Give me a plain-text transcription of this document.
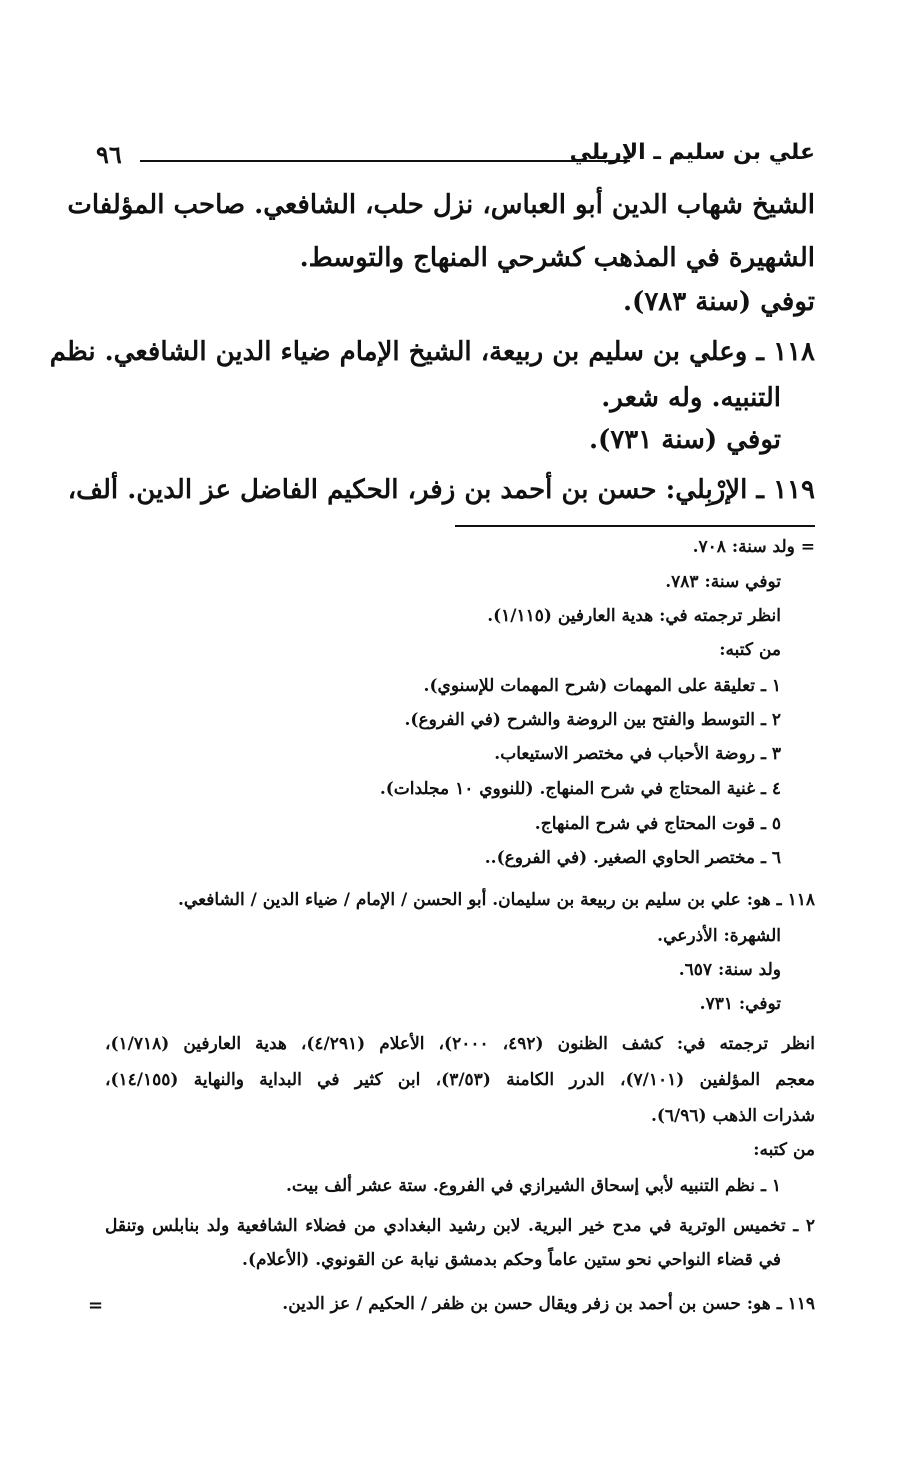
٩٦	علي بن سليم ـ الإربلي
الشيخ شهاب الدين أبو العباس، نزل حلب، الشافعي. صاحب المؤلفات
الشهيرة في المذهب كشرحي المنهاج والتوسط.
توفي (سنة ٧٨٣).
١١٨ ـ وعلي بن سليم بن ربيعة، الشيخ الإمام ضياء الدين الشافعي. نظم
التنبيه. وله شعر.
توفي (سنة ٧٣١).
١١٩ ـ الإرْبِلي: حسن بن أحمد بن زفر، الحكيم الفاضل عز الدين. ألف،
= ولد سنة: ٧٠٨.
توفي سنة: ٧٨٣.
انظر ترجمته في: هدية العارفين (١/١١٥).
من كتبه:
١ ـ تعليقة على المهمات (شرح المهمات للإسنوي).
٢ ـ التوسط والفتح بين الروضة والشرح (في الفروع).
٣ ـ روضة الأحباب في مختصر الاستيعاب.
٤ ـ غنية المحتاج في شرح المنهاج. (للنووي ١٠ مجلدات).
٥ ـ قوت المحتاج في شرح المنهاج.
٦ ـ مختصر الحاوي الصغير. (في الفروع)..
١١٨ ـ هو: علي بن سليم بن ربيعة بن سليمان. أبو الحسن / الإمام / ضياء الدين / الشافعي.
الشهرة: الأذرعي.
ولد سنة: ٦٥٧.
توفي: ٧٣١.
انظر ترجمته في: كشف الظنون (٤٩٢، ٢٠٠٠)، الأعلام (٤/٢٩١)، هدية العارفين (١/٧١٨)،
معجم المؤلفين (٧/١٠١)، الدرر الكامنة (٣/٥٣)، ابن كثير في البداية والنهاية (١٤/١٥٥)،
شذرات الذهب (٦/٩٦).
من كتبه:
١ ـ نظم التنبيه لأبي إسحاق الشيرازي في الفروع. ستة عشر ألف بيت.
٢ ـ تخميس الوترية في مدح خير البرية. لابن رشيد البغدادي من فضلاء الشافعية ولد بنابلس وتنقل
في قضاء النواحي نحو ستين عاماً وحكم بدمشق نيابة عن القونوي. (الأعلام).
١١٩ ـ هو: حسن بن أحمد بن زفر ويقال حسن بن ظفر / الحكيم / عز الدين.
=
